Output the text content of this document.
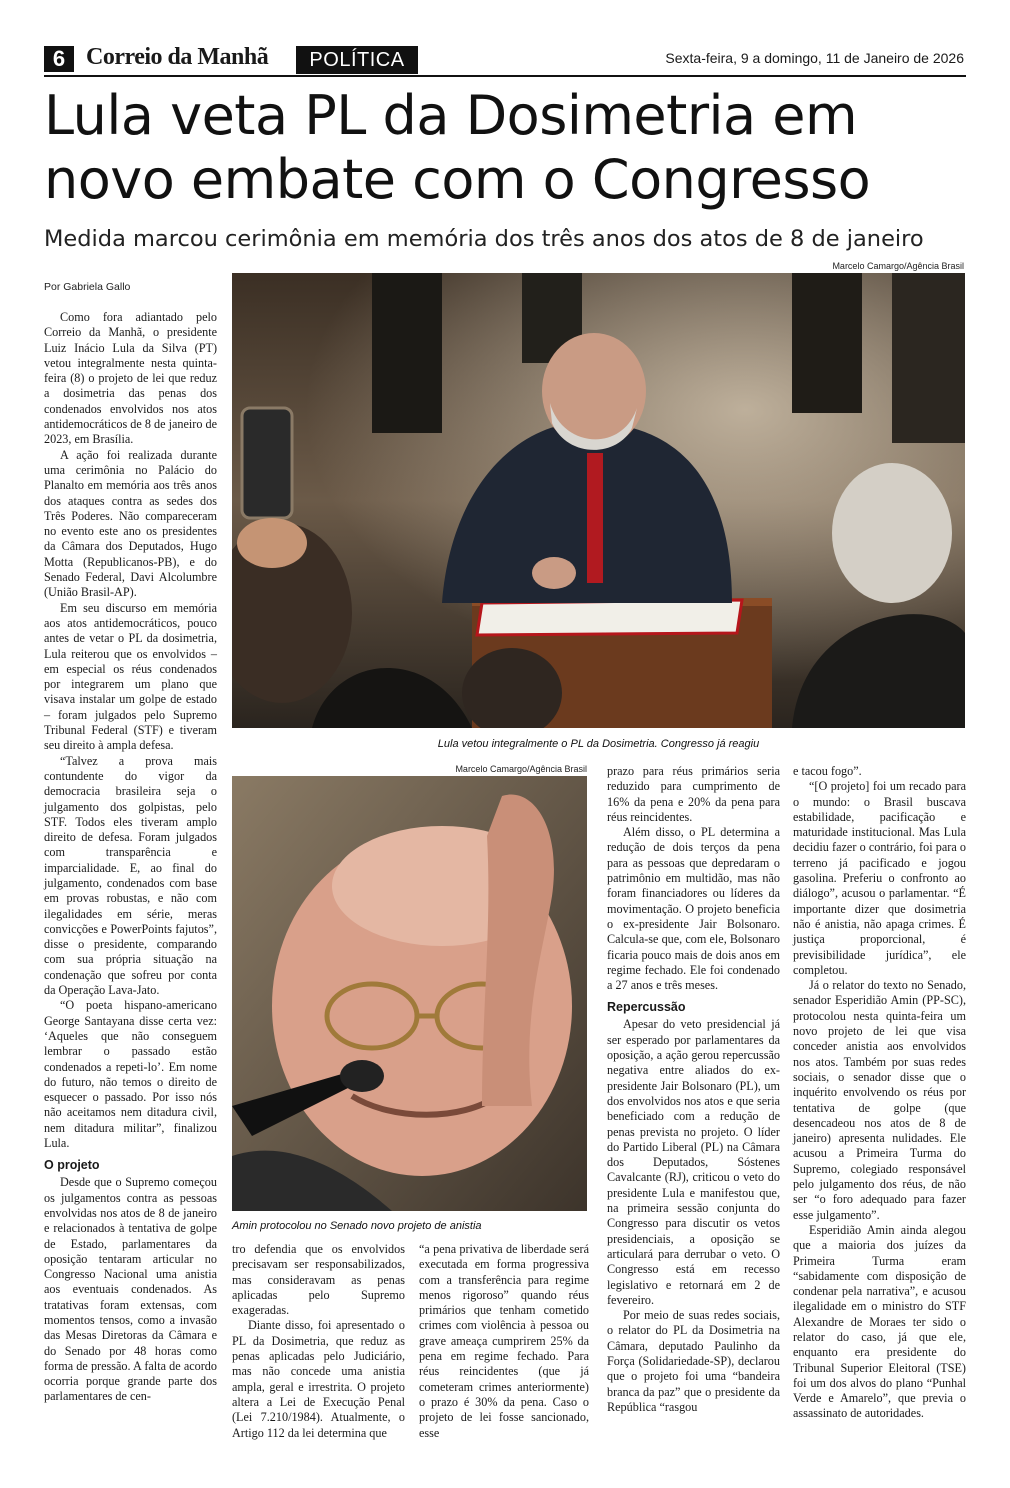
6 Correio da Manhã	POLÍTICA	Sexta-feira, 9 a domingo, 11 de Janeiro de 2026
Lula veta PL da Dosimetria em novo embate com o Congresso
Medida marcou cerimônia em memória dos três anos dos atos de 8 de janeiro
Por Gabriela Gallo
Marcelo Camargo/Agência Brasil
Lula vetou integralmente o PL da Dosimetria. Congresso já reagiu
Marcelo Camargo/Agência Brasil
Amin protocolou no Senado novo projeto de anistia

Como fora adiantado pelo Correio da Manhã, o presidente Luiz Inácio Lula da Silva (PT) vetou integralmente nesta quinta-feira (8) o projeto de lei que reduz a dosimetria das penas dos condenados envolvidos nos atos antidemocráticos de 8 de janeiro de 2023, em Brasília.

A ação foi realizada durante uma cerimônia no Palácio do Planalto em memória aos três anos dos ataques contra as sedes dos Três Poderes. Não compareceram no evento este ano os presidentes da Câmara dos Deputados, Hugo Motta (Republicanos-PB), e do Senado Federal, Davi Alcolumbre (União Brasil-AP).

Em seu discurso em memória aos atos antidemocráticos, pouco antes de vetar o PL da dosimetria, Lula reiterou que os envolvidos – em especial os réus condenados por integrarem um plano que visava instalar um golpe de estado – foram julgados pelo Supremo Tribunal Federal (STF) e tiveram seu direito à ampla defesa.

“Talvez a prova mais contundente do vigor da democracia brasileira seja o julgamento dos golpistas, pelo STF. Todos eles tiveram amplo direito de defesa. Foram julgados com transparência e imparcialidade. E, ao final do julgamento, condenados com base em provas robustas, e não com ilegalidades em série, meras convicções e PowerPoints fajutos”, disse o presidente, comparando com sua própria situação na condenação que sofreu por conta da Operação Lava-Jato.

“O poeta hispano-americano George Santayana disse certa vez: ‘Aqueles que não conseguem lembrar o passado estão condenados a repeti-lo’. Em nome do futuro, não temos o direito de esquecer o passado. Por isso nós não aceitamos nem ditadura civil, nem ditadura militar”, finalizou Lula.

O projeto

Desde que o Supremo começou os julgamentos contra as pessoas envolvidas nos atos de 8 de janeiro e relacionados à tentativa de golpe de Estado, parlamentares da oposição tentaram articular no Congresso Nacional uma anistia aos eventuais condenados. As tratativas foram extensas, com momentos tensos, como a invasão das Mesas Diretoras da Câmara e do Senado por 48 horas como forma de pressão. A falta de acordo ocorria porque grande parte dos parlamentares de cen-

tro defendia que os envolvidos precisavam ser responsabilizados, mas consideravam as penas aplicadas pelo Supremo exageradas.

Diante disso, foi apresentado o PL da Dosimetria, que reduz as penas aplicadas pelo Judiciário, mas não concede uma anistia ampla, geral e irrestrita. O projeto altera a Lei de Execução Penal (Lei 7.210/1984). Atualmente, o Artigo 112 da lei determina que

“a pena privativa de liberdade será executada em forma progressiva com a transferência para regime menos rigoroso” quando réus primários que tenham cometido crimes com violência à pessoa ou grave ameaça cumprirem 25% da pena em regime fechado. Para réus reincidentes (que já cometeram crimes anteriormente) o prazo é 30% da pena. Caso o projeto de lei fosse sancionado, esse

prazo para réus primários seria reduzido para cumprimento de 16% da pena e 20% da pena para réus reincidentes.

Além disso, o PL determina a redução de dois terços da pena para as pessoas que depredaram o patrimônio em multidão, mas não foram financiadores ou líderes da movimentação. O projeto beneficia o ex-presidente Jair Bolsonaro. Calcula-se que, com ele, Bolsonaro ficaria pouco mais de dois anos em regime fechado. Ele foi condenado a 27 anos e três meses.

Repercussão

Apesar do veto presidencial já ser esperado por parlamentares da oposição, a ação gerou repercussão negativa entre aliados do ex-presidente Jair Bolsonaro (PL), um dos envolvidos nos atos e que seria beneficiado com a redução de penas prevista no projeto. O líder do Partido Liberal (PL) na Câmara dos Deputados, Sóstenes Cavalcante (RJ), criticou o veto do presidente Lula e manifestou que, na primeira sessão conjunta do Congresso para discutir os vetos presidenciais, a oposição se articulará para derrubar o veto. O Congresso está em recesso legislativo e retornará em 2 de fevereiro.

Por meio de suas redes sociais, o relator do PL da Dosimetria na Câmara, deputado Paulinho da Força (Solidariedade-SP), declarou que o projeto foi uma “bandeira branca da paz” que o presidente da República “rasgou

e tacou fogo”.

“[O projeto] foi um recado para o mundo: o Brasil buscava estabilidade, pacificação e maturidade institucional. Mas Lula decidiu fazer o contrário, foi para o terreno já pacificado e jogou gasolina. Preferiu o confronto ao diálogo”, acusou o parlamentar. “É importante dizer que dosimetria não é anistia, não apaga crimes. É justiça proporcional, é previsibilidade jurídica”, ele completou.

Já o relator do texto no Senado, senador Esperidião Amin (PP-SC), protocolou nesta quinta-feira um novo projeto de lei que visa conceder anistia aos envolvidos nos atos. Também por suas redes sociais, o senador disse que o inquérito envolvendo os réus por tentativa de golpe (que desencadeou nos atos de 8 de janeiro) apresenta nulidades. Ele acusou a Primeira Turma do Supremo, colegiado responsável pelo julgamento dos réus, de não ser “o foro adequado para fazer esse julgamento”.

Esperidião Amin ainda alegou que a maioria dos juízes da Primeira Turma eram “sabidamente com disposição de condenar pela narrativa”, e acusou ilegalidade em o ministro do STF Alexandre de Moraes ter sido o relator do caso, já que ele, enquanto era presidente do Tribunal Superior Eleitoral (TSE) foi um dos alvos do plano “Punhal Verde e Amarelo”, que previa o assassinato de autoridades.
